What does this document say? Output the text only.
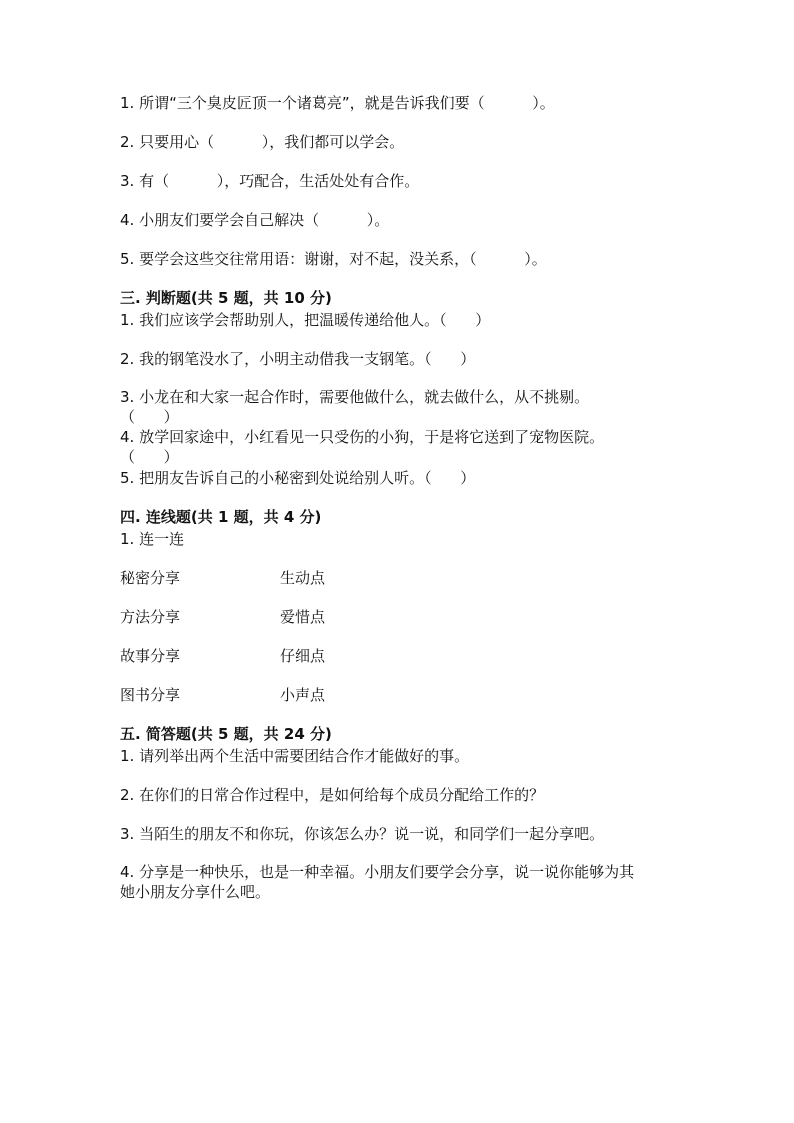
1. 所谓“三个臭皮匠顶一个诸葛亮”，就是告诉我们要（          ）。

2. 只要用心（          ），我们都可以学会。

3. 有（          ），巧配合，生活处处有合作。

4. 小朋友们要学会自己解决（          ）。

5. 要学会这些交往常用语：谢谢，对不起，没关系，（          ）。

三. 判断题(共 5 题，共 10 分)

1. 我们应该学会帮助别人，把温暖传递给他人。（      ）

2. 我的钢笔没水了，小明主动借我一支钢笔。（      ）

3. 小龙在和大家一起合作时，需要他做什么，就去做什么，从不挑剔。

（      ）

4. 放学回家途中，小红看见一只受伤的小狗，于是将它送到了宠物医院。

（      ）

5. 把朋友告诉自己的小秘密到处说给别人听。（      ）

四. 连线题(共 1 题，共 4 分)

1. 连一连

秘密分享	生动点
方法分享	爱惜点
故事分享	仔细点
图书分享	小声点

五. 简答题(共 5 题，共 24 分)

1. 请列举出两个生活中需要团结合作才能做好的事。

2. 在你们的日常合作过程中，是如何给每个成员分配给工作的？

3. 当陌生的朋友不和你玩，你该怎么办？说一说，和同学们一起分享吧。

4. 分享是一种快乐，也是一种幸福。小朋友们要学会分享，说一说你能够为其

她小朋友分享什么吧。
